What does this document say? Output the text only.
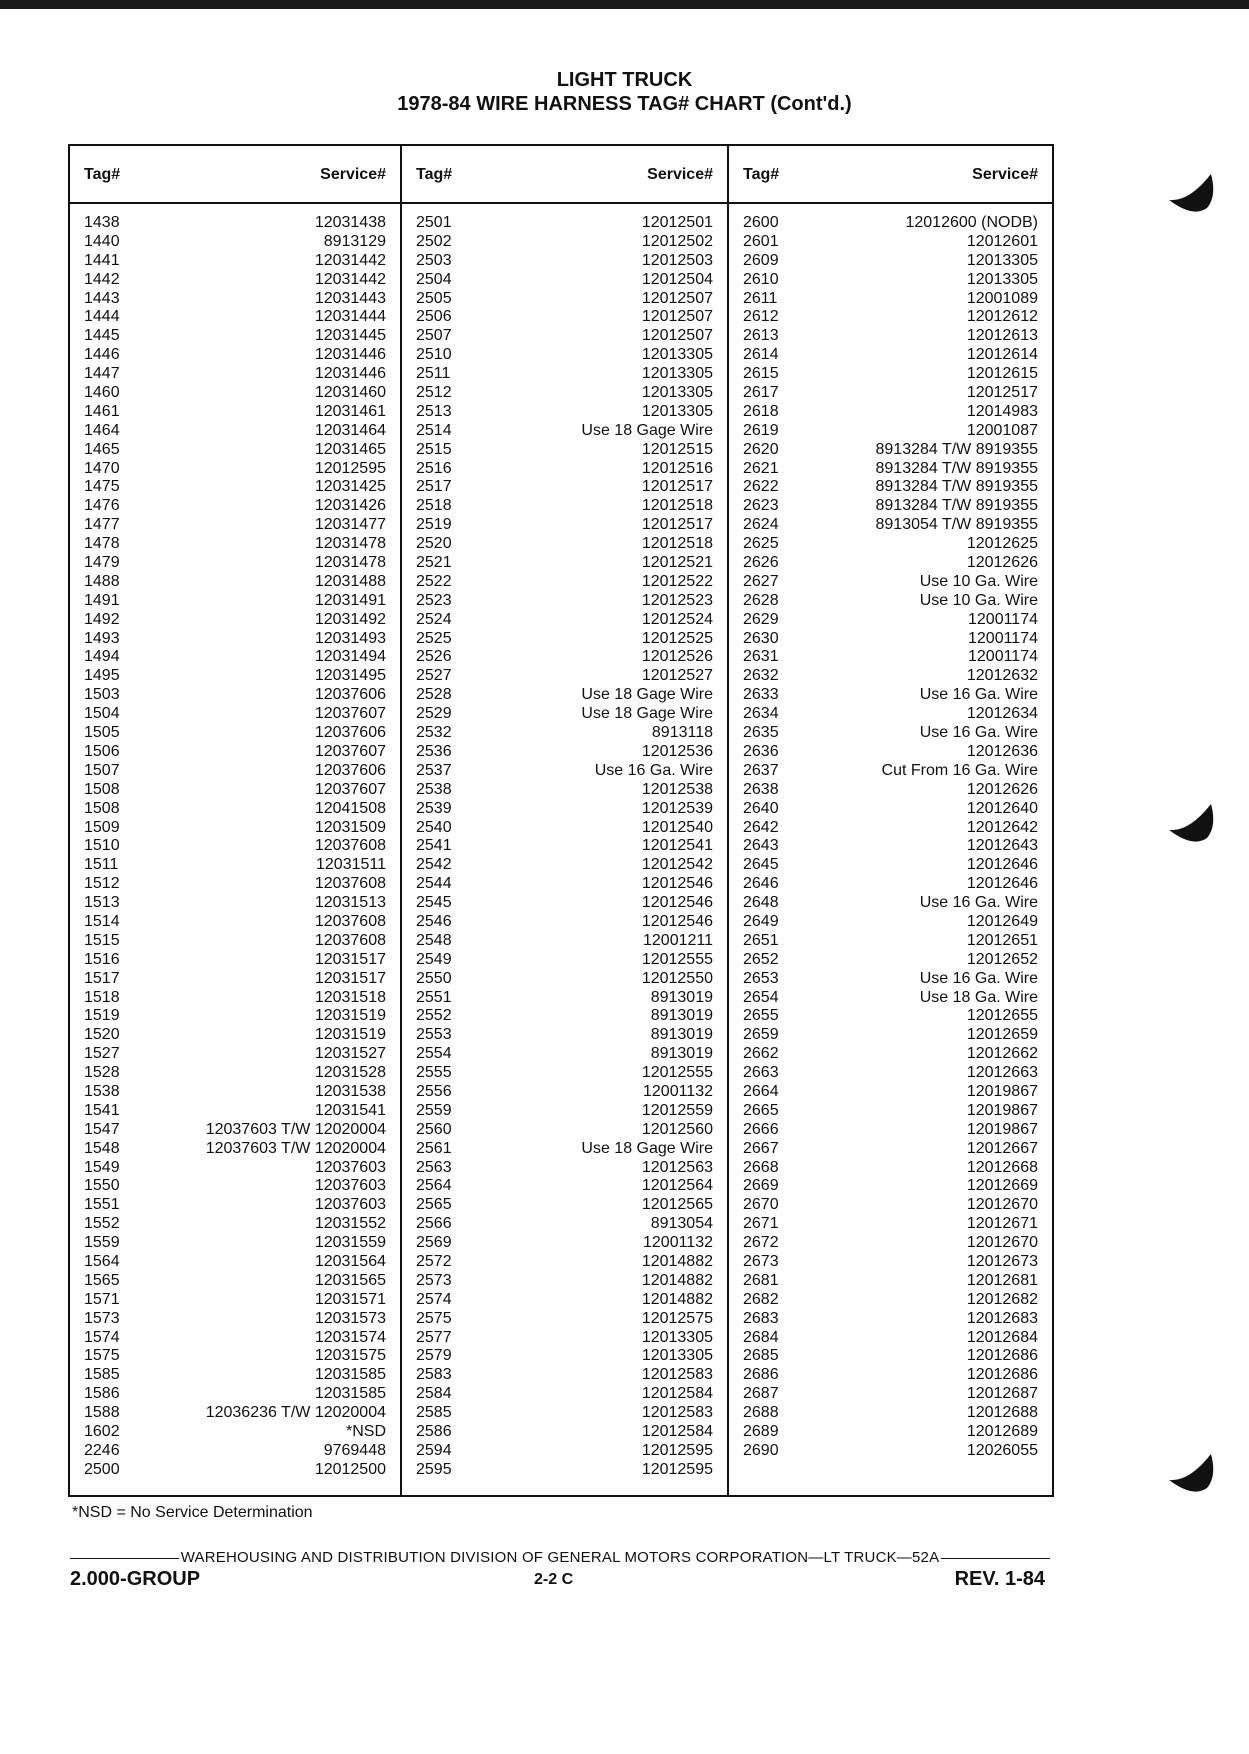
LIGHT TRUCK
1978-84 WIRE HARNESS TAG# CHART (Cont'd.)
Tag#	Service#
1438	12031438
1440	8913129
1441	12031442
1442	12031442
1443	12031443
1444	12031444
1445	12031445
1446	12031446
1447	12031446
1460	12031460
1461	12031461
1464	12031464
1465	12031465
1470	12012595
1475	12031425
1476	12031426
1477	12031477
1478	12031478
1479	12031478
1488	12031488
1491	12031491
1492	12031492
1493	12031493
1494	12031494
1495	12031495
1503	12037606
1504	12037607
1505	12037606
1506	12037607
1507	12037606
1508	12037607
1508	12041508
1509	12031509
1510	12037608
1511	12031511
1512	12037608
1513	12031513
1514	12037608
1515	12037608
1516	12031517
1517	12031517
1518	12031518
1519	12031519
1520	12031519
1527	12031527
1528	12031528
1538	12031538
1541	12031541
1547	12037603 T/W 12020004
1548	12037603 T/W 12020004
1549	12037603
1550	12037603
1551	12037603
1552	12031552
1559	12031559
1564	12031564
1565	12031565
1571	12031571
1573	12031573
1574	12031574
1575	12031575
1585	12031585
1586	12031585
1588	12036236 T/W 12020004
1602	*NSD
2246	9769448
2500	12012500
Tag#	Service#
2501	12012501
2502	12012502
2503	12012503
2504	12012504
2505	12012507
2506	12012507
2507	12012507
2510	12013305
2511	12013305
2512	12013305
2513	12013305
2514	Use 18 Gage Wire
2515	12012515
2516	12012516
2517	12012517
2518	12012518
2519	12012517
2520	12012518
2521	12012521
2522	12012522
2523	12012523
2524	12012524
2525	12012525
2526	12012526
2527	12012527
2528	Use 18 Gage Wire
2529	Use 18 Gage Wire
2532	8913118
2536	12012536
2537	Use 16 Ga. Wire
2538	12012538
2539	12012539
2540	12012540
2541	12012541
2542	12012542
2544	12012546
2545	12012546
2546	12012546
2548	12001211
2549	12012555
2550	12012550
2551	8913019
2552	8913019
2553	8913019
2554	8913019
2555	12012555
2556	12001132
2559	12012559
2560	12012560
2561	Use 18 Gage Wire
2563	12012563
2564	12012564
2565	12012565
2566	8913054
2569	12001132
2572	12014882
2573	12014882
2574	12014882
2575	12012575
2577	12013305
2579	12013305
2583	12012583
2584	12012584
2585	12012583
2586	12012584
2594	12012595
2595	12012595
Tag#	Service#
2600	12012600 (NODB)
2601	12012601
2609	12013305
2610	12013305
2611	12001089
2612	12012612
2613	12012613
2614	12012614
2615	12012615
2617	12012517
2618	12014983
2619	12001087
2620	8913284 T/W 8919355
2621	8913284 T/W 8919355
2622	8913284 T/W 8919355
2623	8913284 T/W 8919355
2624	8913054 T/W 8919355
2625	12012625
2626	12012626
2627	Use 10 Ga. Wire
2628	Use 10 Ga. Wire
2629	12001174
2630	12001174
2631	12001174
2632	12012632
2633	Use 16 Ga. Wire
2634	12012634
2635	Use 16 Ga. Wire
2636	12012636
2637	Cut From 16 Ga. Wire
2638	12012626
2640	12012640
2642	12012642
2643	12012643
2645	12012646
2646	12012646
2648	Use 16 Ga. Wire
2649	12012649
2651	12012651
2652	12012652
2653	Use 16 Ga. Wire
2654	Use 18 Ga. Wire
2655	12012655
2659	12012659
2662	12012662
2663	12012663
2664	12019867
2665	12019867
2666	12019867
2667	12012667
2668	12012668
2669	12012669
2670	12012670
2671	12012671
2672	12012670
2673	12012673
2681	12012681
2682	12012682
2683	12012683
2684	12012684
2685	12012686
2686	12012686
2687	12012687
2688	12012688
2689	12012689
2690	12026055
*NSD = No Service Determination
WAREHOUSING AND DISTRIBUTION DIVISION OF GENERAL MOTORS CORPORATION—LT TRUCK—52A
2.000-GROUP	2-2 C	REV. 1-84
